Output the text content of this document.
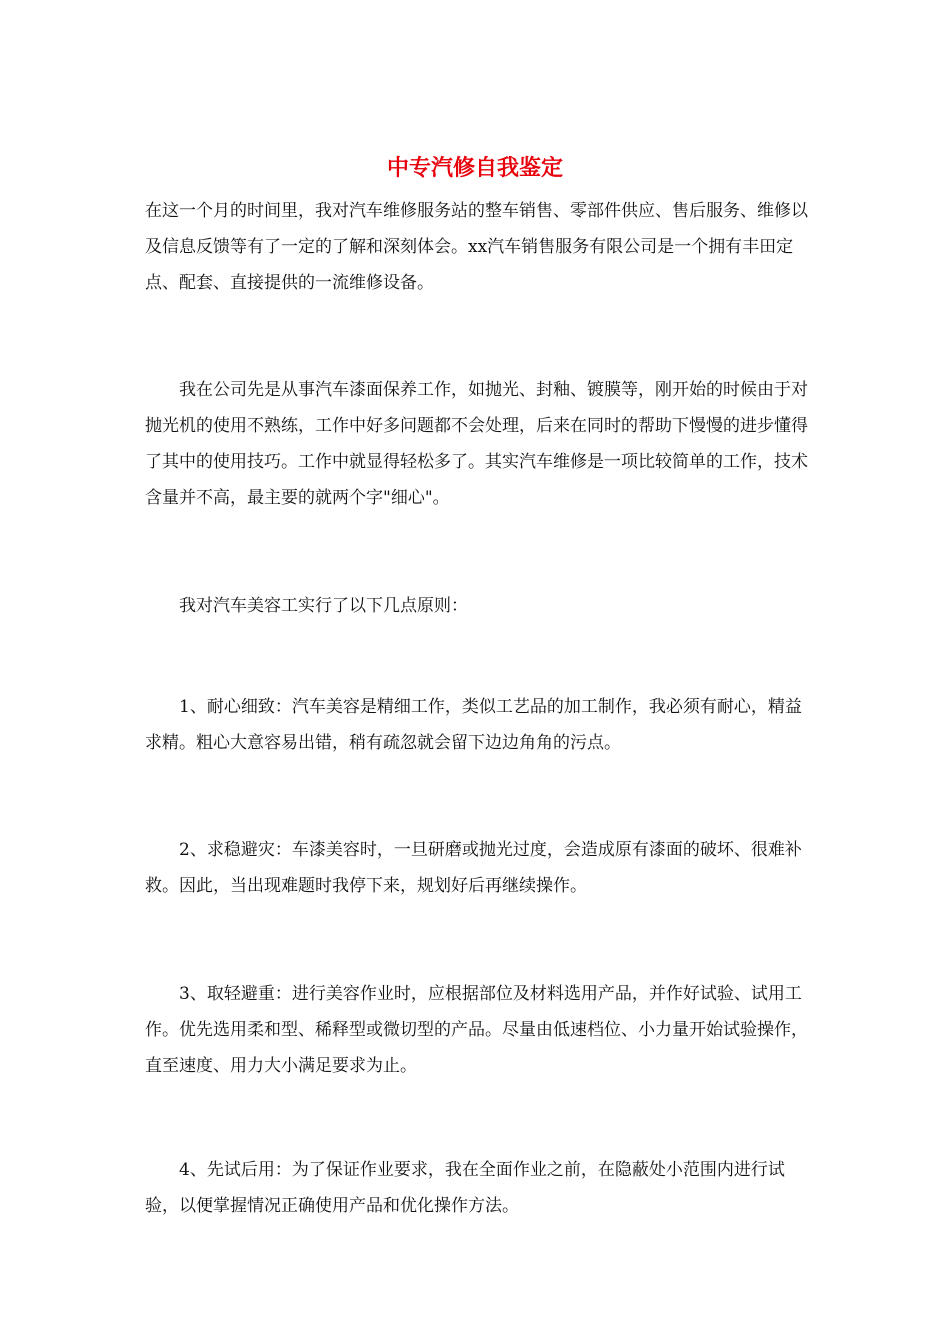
中专汽修自我鉴定

在这一个月的时间里，我对汽车维修服务站的整车销售、零部件供应、售后服务、维修以及信息反馈等有了一定的了解和深刻体会。xx汽车销售服务有限公司是一个拥有丰田定点、配套、直接提供的一流维修设备。

我在公司先是从事汽车漆面保养工作，如抛光、封釉、镀膜等，刚开始的时候由于对抛光机的使用不熟练，工作中好多问题都不会处理，后来在同时的帮助下慢慢的进步懂得了其中的使用技巧。工作中就显得轻松多了。其实汽车维修是一项比较简单的工作，技术含量并不高，最主要的就两个字"细心"。

我对汽车美容工实行了以下几点原则：

1、耐心细致：汽车美容是精细工作，类似工艺品的加工制作，我必须有耐心，精益求精。粗心大意容易出错，稍有疏忽就会留下边边角角的污点。

2、求稳避灾：车漆美容时，一旦研磨或抛光过度，会造成原有漆面的破坏、很难补救。因此，当出现难题时我停下来，规划好后再继续操作。

3、取轻避重：进行美容作业时，应根据部位及材料选用产品，并作好试验、试用工作。优先选用柔和型、稀释型或微切型的产品。尽量由低速档位、小力量开始试验操作，直至速度、用力大小满足要求为止。

4、先试后用：为了保证作业要求，我在全面作业之前，在隐蔽处小范围内进行试验，以便掌握情况正确使用产品和优化操作方法。
